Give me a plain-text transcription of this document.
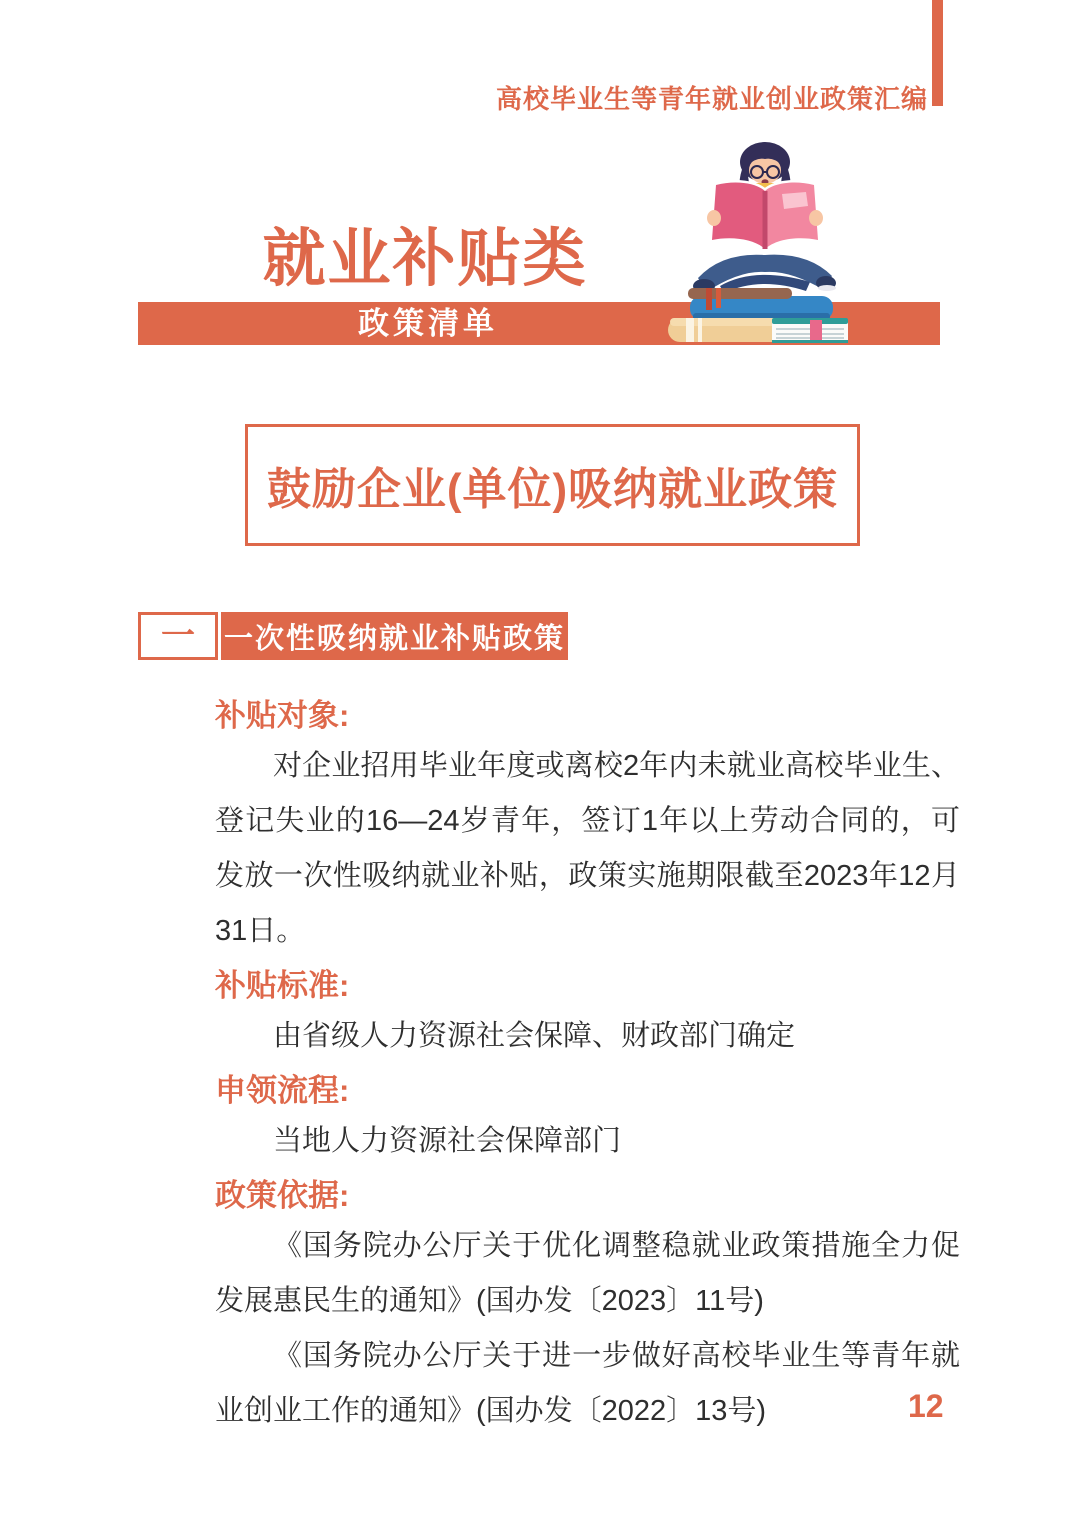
高校毕业生等青年就业创业政策汇编
就业补贴类
政策清单
鼓励企业(单位)吸纳就业政策
一 一次性吸纳就业补贴政策
补贴对象:

对企业招用毕业年度或离校2年内未就业高校毕业生、登记失业的16—24岁青年，签订1年以上劳动合同的，可发放一次性吸纳就业补贴，政策实施期限截至2023年12月31日。

补贴标准:

由省级人力资源社会保障、财政部门确定

申领流程:

当地人力资源社会保障部门

政策依据:

《国务院办公厅关于优化调整稳就业政策措施全力促发展惠民生的通知》(国办发〔2023〕11号)

《国务院办公厅关于进一步做好高校毕业生等青年就业创业工作的通知》(国办发〔2022〕13号)	12
